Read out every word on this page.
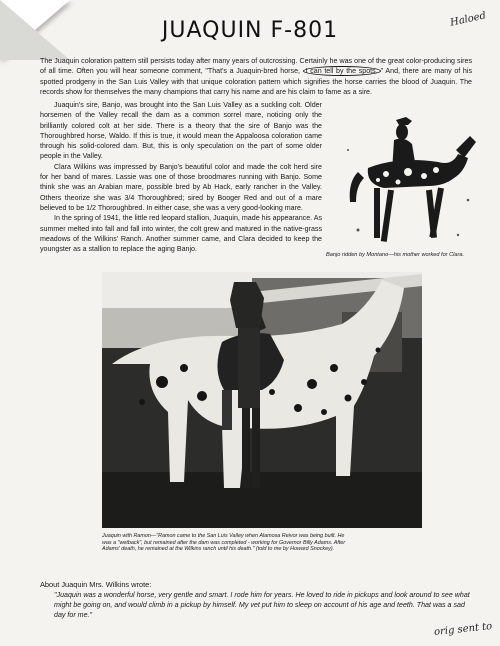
JUAQUIN F-801	Haloed

The Juaquin coloration pattern still persists today after many years of outcrossing. Certainly he was one of the great color-producing sires of all time. Often you will hear someone comment, "That's a Juaquin-bred horse, I can tell by the spots. " And, there are many of his spotted prodgeny in the San Luis Valley with that unique coloration pattern which signifies the horse carries the blood of Juaquin. The records show for themselves the many champions that carry his name and are his claim to fame as a sire.

Juaquin's sire, Banjo, was brought into the San Luis Valley as a suckling colt. Older horsemen of the Valley recall the dam as a common sorrel mare, noticing only the brilliantly colored colt at her side. There is a theory that the sire of Banjo was the Thoroughbred horse, Waldo. If this is true, it would mean the Appaloosa coloration came through his solid-colored dam. But, this is only speculation on the part of some older people in the Valley.

Clara Wilkins was impressed by Banjo's beautiful color and made the colt herd sire for her band of mares. Lassie was one of those broodmares running with Banjo. Some think she was an Arabian mare, possible bred by Ab Hack, early rancher in the Valley. Others theorize she was 3/4 Thoroughbred; sired by Booger Red and out of a mare believed to be 1/2 Thoroughbred. In either case, she was a very good-looking mare.

In the spring of 1941, the little red leopard stallion, Juaquin, made his appearance. As summer melted into fall and fall into winter, the colt grew and matured in the native-grass meadows of the Wilkins' Ranch. Another summer came, and Clara decided to keep the youngster as a stallion to replace the aging Banjo.

Banjo ridden by Montano—his mother worked for Clara.
Juaquin with Ramon—"Ramon came to the San Luis Valley when Alamosa Reivor was being built. He was a "wetback", but remained after the dam was completed - working for Governor Billy Adams. After Adams' death, he remained at the Wilkins ranch until his death." (told to me by Howard Snockey).
About Juaquin Mrs. Wilkins wrote:

"Juaquin was a wonderful horse, very gentle and smart. I rode him for years. He loved to ride in pickups and look around to see what might be going on, and would climb in a pickup by himself. My vet put him to sleep on account of his age and teeth. That was a sad day for me."

orig sent to
